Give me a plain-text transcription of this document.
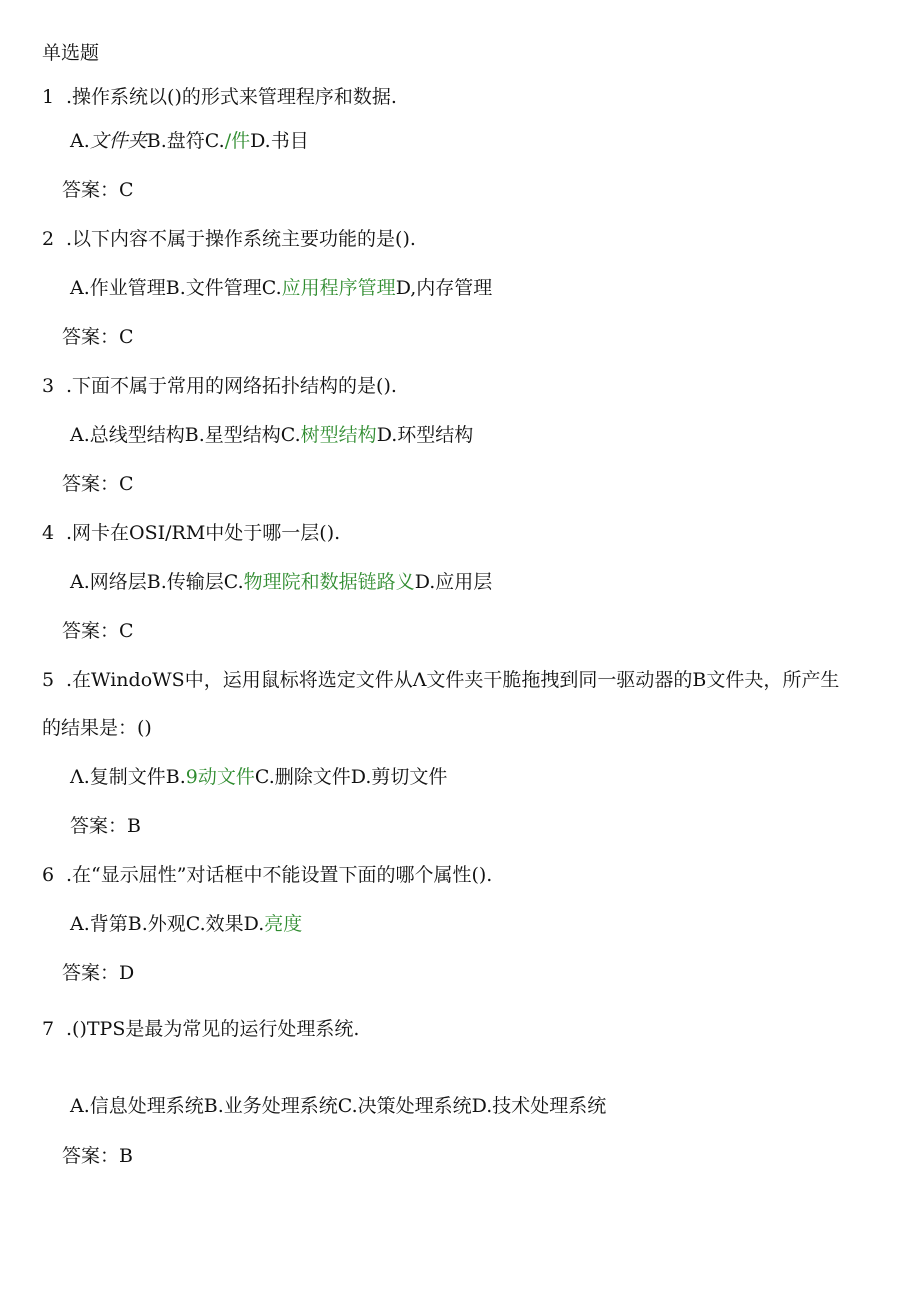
单选题
1 .操作系统以()的形式来管理程序和数据.
A.文件夹B.盘符C./件D.书目
答案：C
2 .以下内容不属于操作系统主要功能的是().
A.作业管理B.文件管理C.应用程序管理D,内存管理
答案：C
3 .下面不属于常用的网络拓扑结构的是().
A.总线型结构B.星型结构C.树型结构D.环型结构
答案：C
4 .网卡在OSI/RM中处于哪一层().
A.网络层B.传输层C.物理院和数据链路义D.应用层
答案：C
5 .在WindoWS中，运用鼠标将选定文件从Λ文件夹干脆拖拽到同一驱动器的B文件夬，所产生
的结果是：()
Λ.复制文件B.9动文件C.删除文件D.剪切文件
答案：B
6 .在“显示屈性”对话框中不能设置下面的哪个属性().
A.背第B.外观C.效果D.亮度
答案：D
7 .()TPS是最为常见的运行处理系统.
A.信息处理系统B.业务处理系统C.决策处理系统D.技术处理系统
答案：B
